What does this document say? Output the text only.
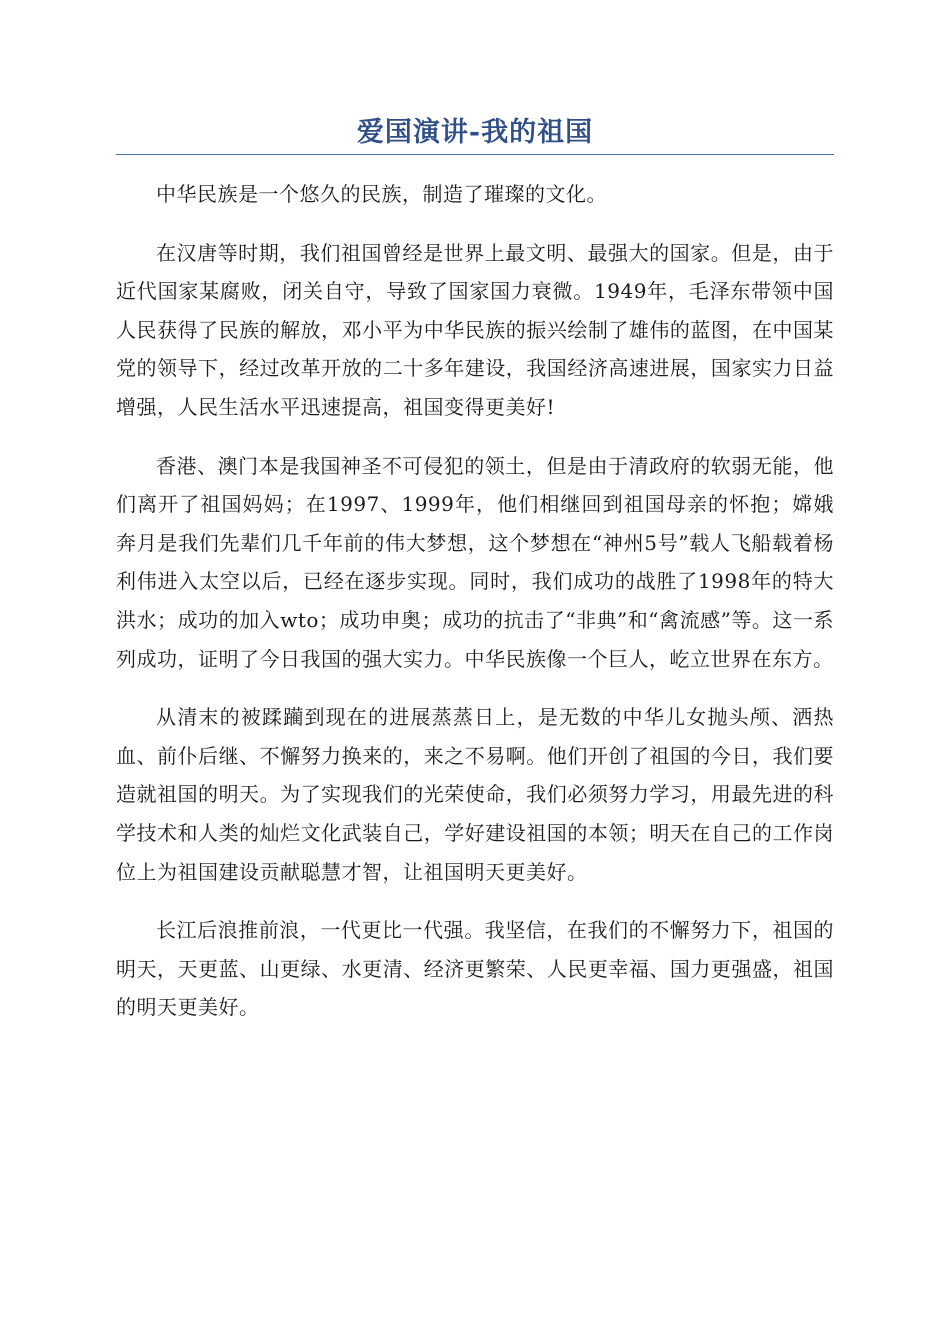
爱国演讲-我的祖国

中华民族是一个悠久的民族，制造了璀璨的文化。

在汉唐等时期，我们祖国曾经是世界上最文明、最强大的国家。但是，由于近代国家某腐败，闭关自守，导致了国家国力衰微。1949年，毛泽东带领中国人民获得了民族的解放，邓小平为中华民族的振兴绘制了雄伟的蓝图，在中国某党的领导下，经过改革开放的二十多年建设，我国经济高速进展，国家实力日益增强，人民生活水平迅速提高，祖国变得更美好!

香港、澳门本是我国神圣不可侵犯的领土，但是由于清政府的软弱无能，他们离开了祖国妈妈；在1997、1999年，他们相继回到祖国母亲的怀抱；嫦娥奔月是我们先辈们几千年前的伟大梦想，这个梦想在“神州5号”载人飞船载着杨利伟进入太空以后，已经在逐步实现。同时，我们成功的战胜了1998年的特大洪水；成功的加入wto；成功申奥；成功的抗击了“非典”和“禽流感”等。这一系列成功，证明了今日我国的强大实力。中华民族像一个巨人，屹立世界在东方。

从清末的被蹂躏到现在的进展蒸蒸日上，是无数的中华儿女抛头颅、洒热血、前仆后继、不懈努力换来的，来之不易啊。他们开创了祖国的今日，我们要造就祖国的明天。为了实现我们的光荣使命，我们必须努力学习，用最先进的科学技术和人类的灿烂文化武装自己，学好建设祖国的本领；明天在自己的工作岗位上为祖国建设贡献聪慧才智，让祖国明天更美好。

长江后浪推前浪，一代更比一代强。我坚信，在我们的不懈努力下，祖国的明天，天更蓝、山更绿、水更清、经济更繁荣、人民更幸福、国力更强盛，祖国的明天更美好。
